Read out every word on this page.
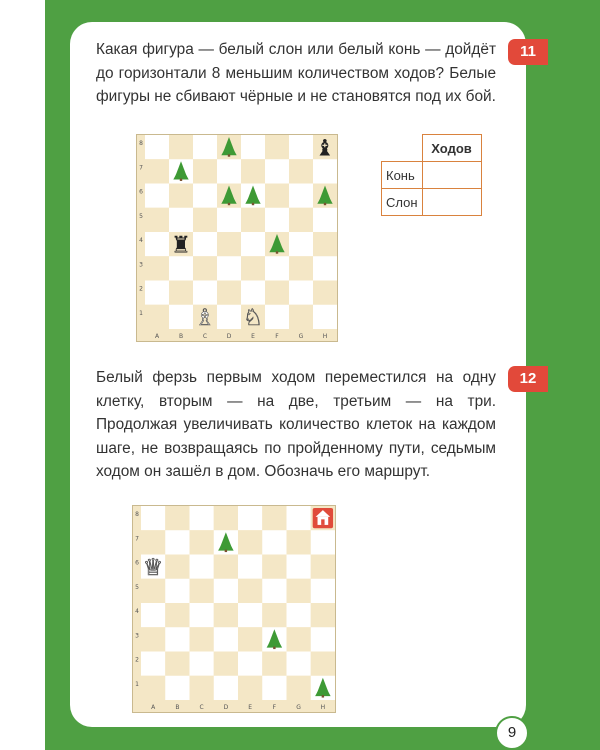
11
Какая фигура — белый слон или белый конь — дойдёт до горизонтали 8 меньшим количеством ходов? Белые фигуры не сбивают чёрные и не становятся под их бой.
8
7
6
5
4
3
2
1
A	B	C	D	E	F	G	H
♝
♜
♗ ♘
	Ходов
Конь	
Слон	
12
Белый ферзь первым ходом переместился на одну клетку, вторым — на две, третьим — на три. Продолжая увеличивать количество клеток на каждом шаге, не возвращаясь по пройденному пути, седьмым ходом он зашёл в дом. Обозначь его маршрут.
8
7
6
5
4
3
2
1
A	B	C	D	E	F	G	H
♕
9
